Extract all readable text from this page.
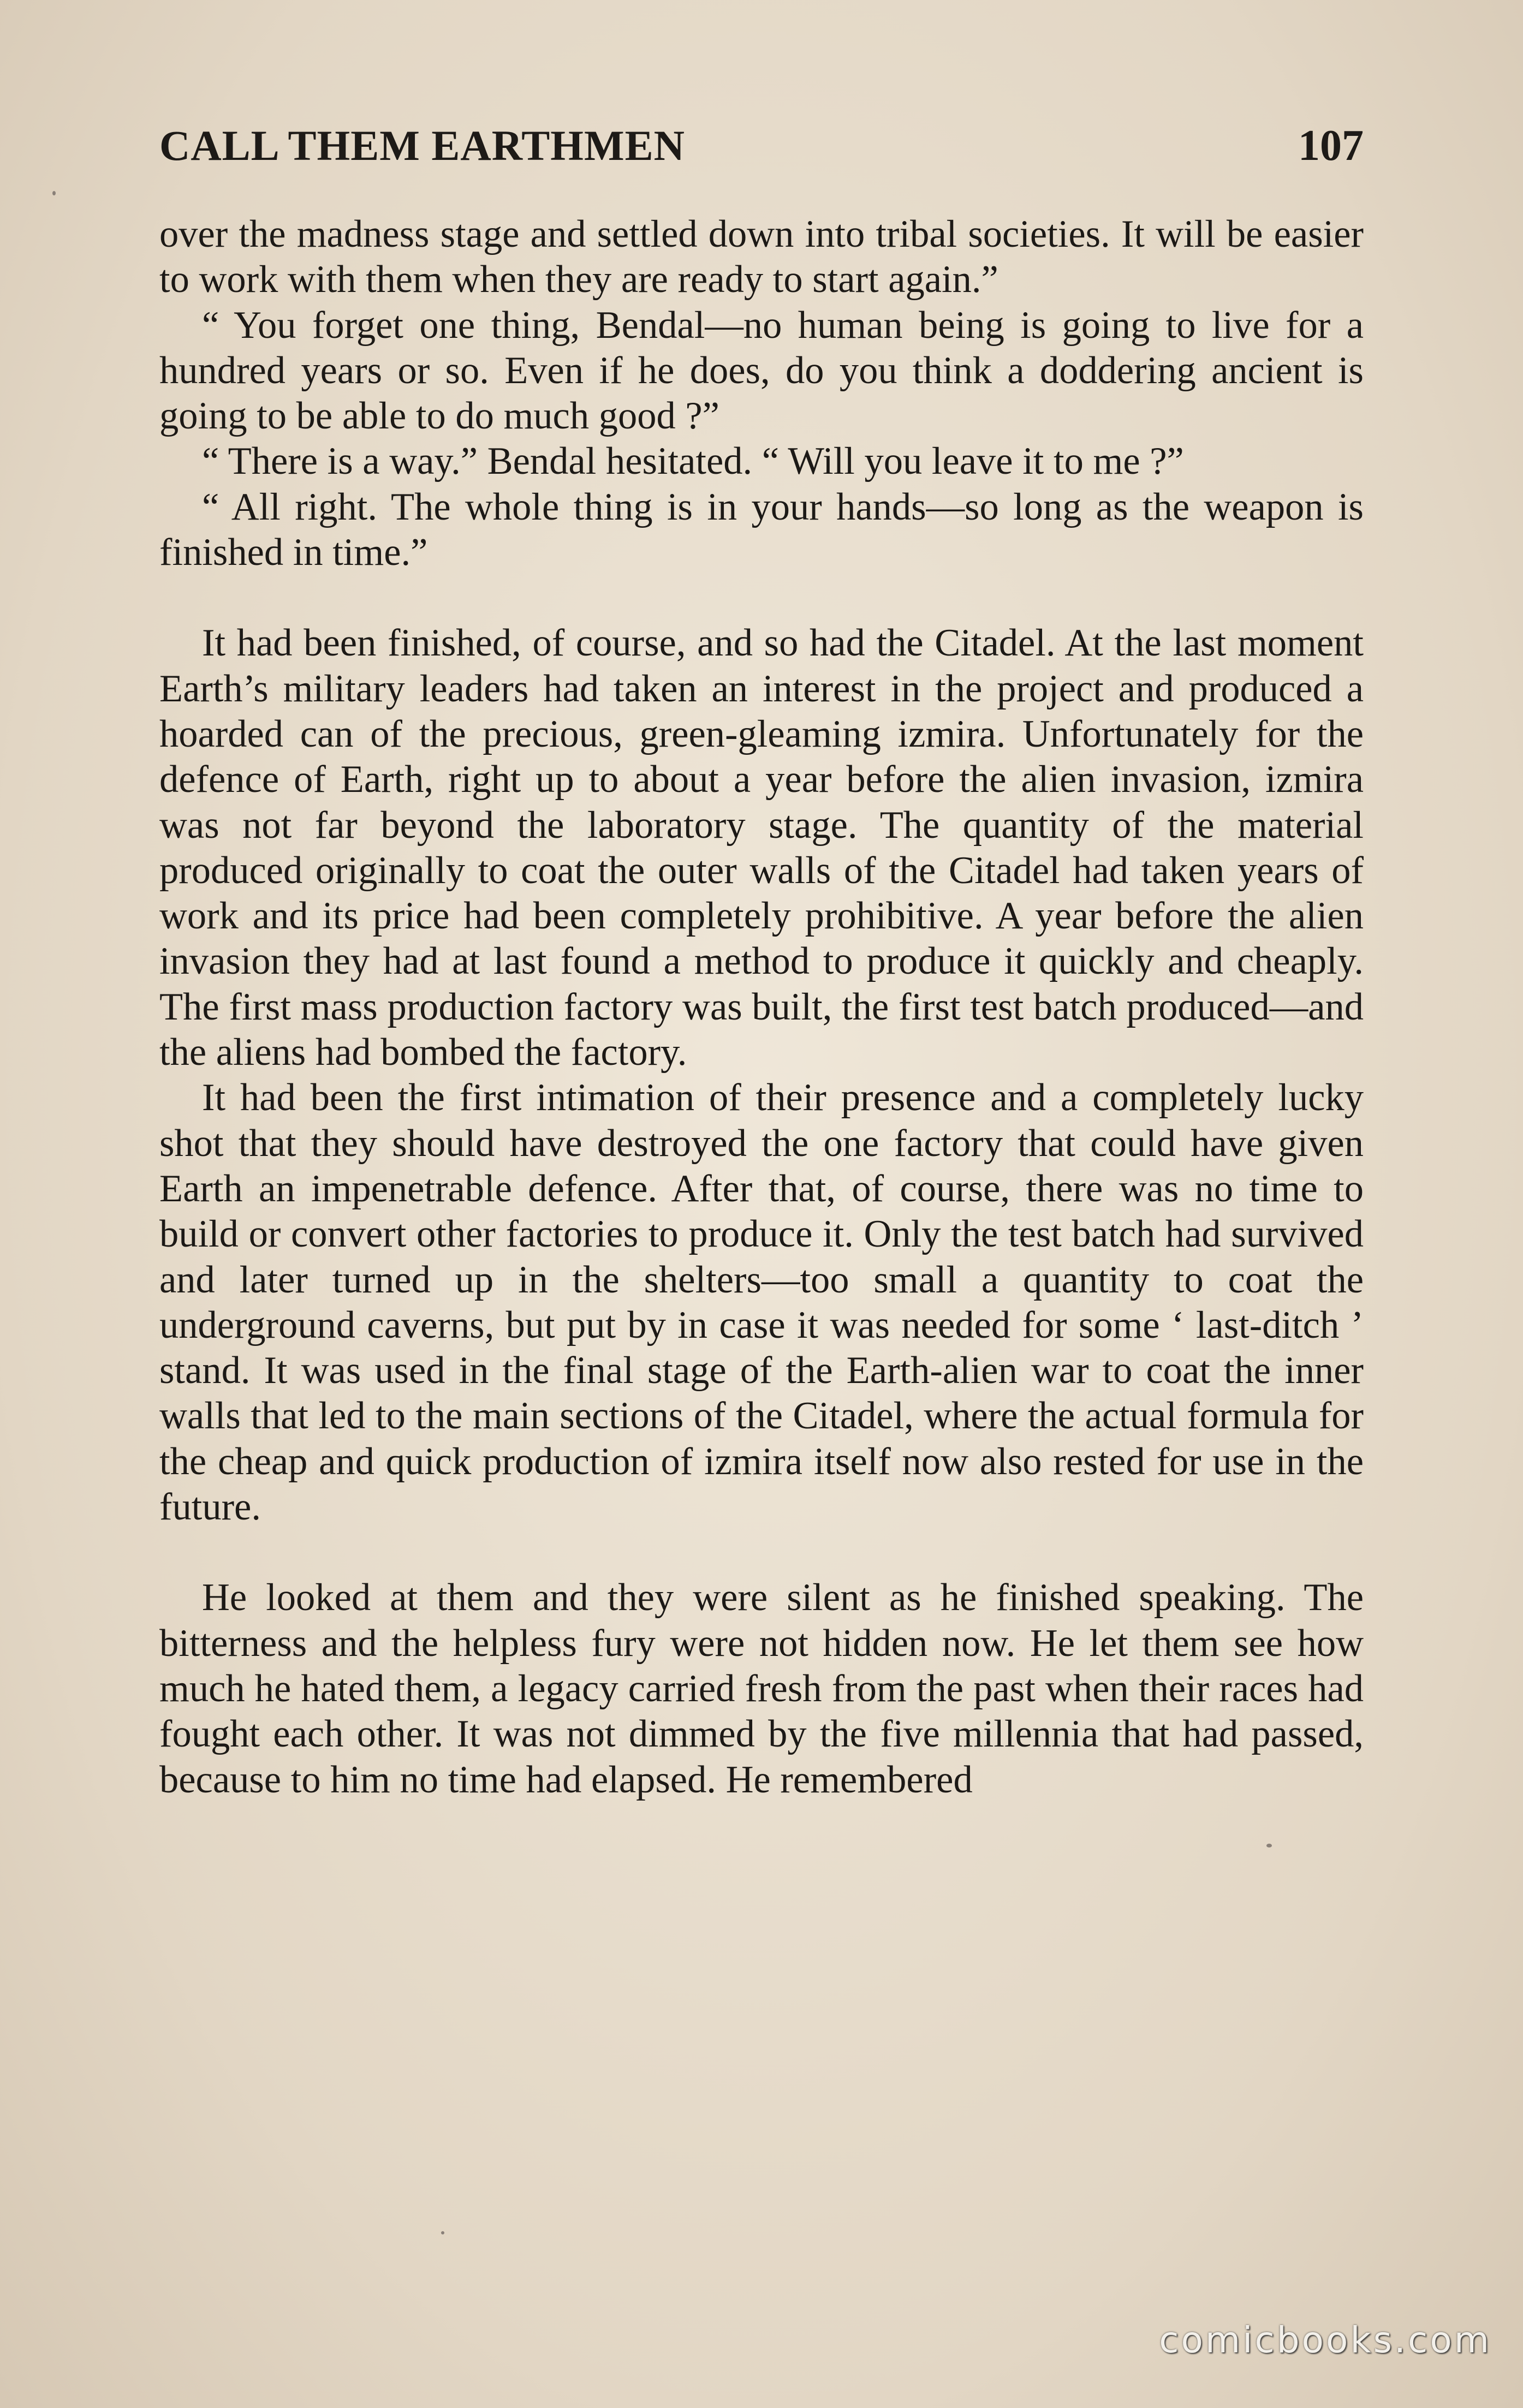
CALL THEM EARTHMEN	107

over the madness stage and settled down into tribal societies. It will be easier to work with them when they are ready to start again.”

“ You forget one thing, Bendal—no human being is going to live for a hundred years or so. Even if he does, do you think a doddering ancient is going to be able to do much good ?”

“ There is a way.” Bendal hesitated. “ Will you leave it to me ?”

“ All right. The whole thing is in your hands—so long as the weapon is finished in time.”

It had been finished, of course, and so had the Citadel. At the last moment Earth’s military leaders had taken an interest in the project and produced a hoarded can of the precious, green-gleaming izmira. Unfortunately for the defence of Earth, right up to about a year before the alien invasion, izmira was not far beyond the laboratory stage. The quantity of the material produced originally to coat the outer walls of the Citadel had taken years of work and its price had been completely prohibitive. A year before the alien invasion they had at last found a method to produce it quickly and cheaply. The first mass production factory was built, the first test batch produced—and the aliens had bombed the factory.

It had been the first intimation of their presence and a completely lucky shot that they should have destroyed the one factory that could have given Earth an impenetrable defence. After that, of course, there was no time to build or convert other factories to produce it. Only the test batch had survived and later turned up in the shelters—too small a quantity to coat the underground caverns, but put by in case it was needed for some ‘ last-ditch ’ stand. It was used in the final stage of the Earth-alien war to coat the inner walls that led to the main sections of the Citadel, where the actual formula for the cheap and quick production of izmira itself now also rested for use in the future.

He looked at them and they were silent as he finished speaking. The bitterness and the helpless fury were not hidden now. He let them see how much he hated them, a legacy carried fresh from the past when their races had fought each other. It was not dimmed by the five millennia that had passed, because to him no time had elapsed. He remembered

comicbooks.com
